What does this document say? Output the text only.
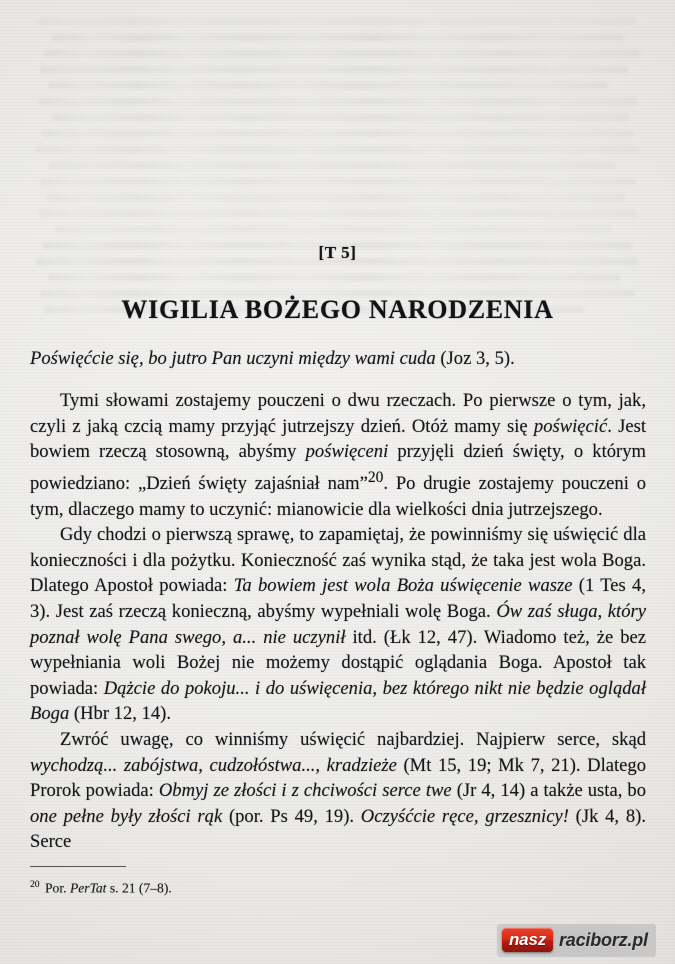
[T 5]
WIGILIA BOŻEGO NARODZENIA

Poświęćcie się, bo jutro Pan uczyni między wami cuda (Joz 3, 5).

Tymi słowami zostajemy pouczeni o dwu rzeczach. Po pierwsze o tym, jak, czyli z jaką czcią mamy przyjąć jutrzejszy dzień. Otóż mamy się poświęcić. Jest bowiem rzeczą stosowną, abyśmy poświęceni przyjęli dzień święty, o którym powiedziano: „Dzień święty zajaśniał nam”$^{20}$. Po drugie zostajemy pouczeni o tym, dlaczego mamy to uczynić: mianowicie dla wielkości dnia jutrzejszego.

Gdy chodzi o pierwszą sprawę, to zapamiętaj, że powinniśmy się uświęcić dla konieczności i dla pożytku. Konieczność zaś wynika stąd, że taka jest wola Boga. Dlatego Apostoł powiada: Ta bowiem jest wola Boża uświęcenie wasze (1 Tes 4, 3). Jest zaś rzeczą konieczną, abyśmy wypełniali wolę Boga. Ów zaś sługa, który poznał wolę Pana swego, a... nie uczynił itd. (Łk 12, 47). Wiadomo też, że bez wypełniania woli Bożej nie możemy dostąpić oglądania Boga. Apostoł tak powiada: Dążcie do pokoju... i do uświęcenia, bez którego nikt nie będzie oglądał Boga (Hbr 12, 14).

Zwróć uwagę, co winniśmy uświęcić najbardziej. Najpierw serce, skąd wychodzą... zabójstwa, cudzołóstwa..., kradzieże (Mt 15, 19; Mk 7, 21). Dlatego Prorok powiada: Obmyj ze złości i z chciwości serce twe (Jr 4, 14) a także usta, bo one pełne były złości rąk (por. Ps 49, 19). Oczyśćcie ręce, grzesznicy! (Jk 4, 8). Serce

$^{20}$ Por. PerTat s. 21 (7–8).
nasz raciborz.pl
